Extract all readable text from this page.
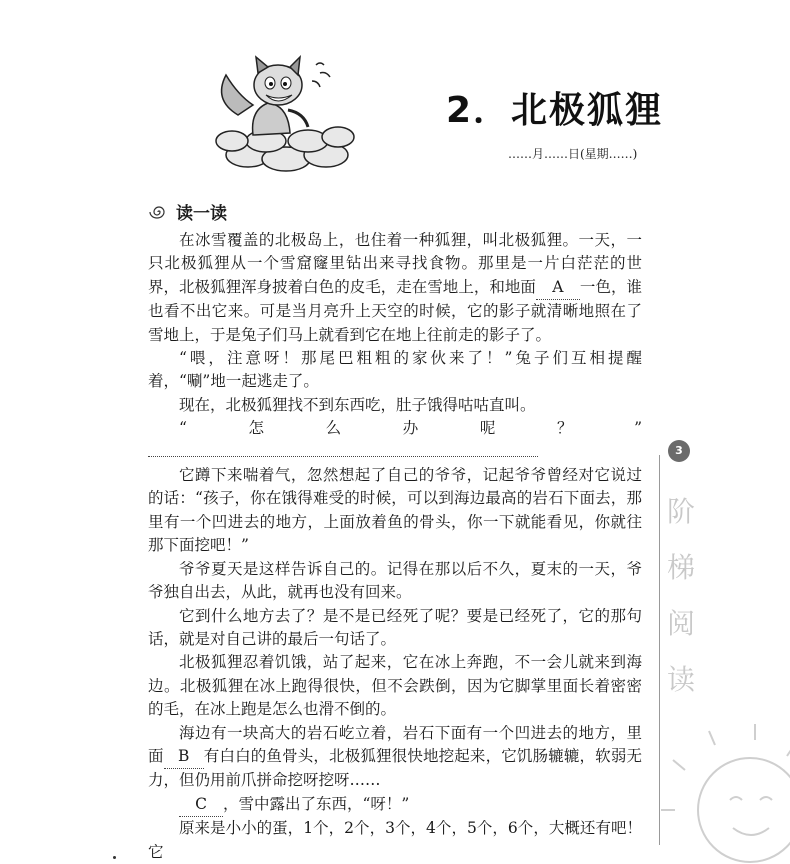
2．北极狐狸
……月……日(星期……)
读一读

在冰雪覆盖的北极岛上，也住着一种狐狸，叫北极狐狸。一天，一只北极狐狸从一个雪窟窿里钻出来寻找食物。那里是一片白茫茫的世界，北极狐狸浑身披着白色的皮毛，走在雪地上，和地面 A 一色，谁也看不出它来。可是当月亮升上天空的时候，它的影子就清晰地照在了雪地上，于是兔子们马上就看到它在地上往前走的影子了。

“喂，注意呀！那尾巴粗粗的家伙来了！”兔子们互相提醒着，“唰”地一起逃走了。

现在，北极狐狸找不到东西吃，肚子饿得咕咕直叫。

“怎么办呢？”

它蹲下来喘着气，忽然想起了自己的爷爷，记起爷爷曾经对它说过的话：“孩子，你在饿得难受的时候，可以到海边最高的岩石下面去，那里有一个凹进去的地方，上面放着鱼的骨头，你一下就能看见，你就往那下面挖吧！”

爷爷夏天是这样告诉自己的。记得在那以后不久，夏末的一天，爷爷独自出去，从此，就再也没有回来。

它到什么地方去了？是不是已经死了呢？要是已经死了，它的那句话，就是对自己讲的最后一句话了。

北极狐狸忍着饥饿，站了起来，它在冰上奔跑，不一会儿就来到海边。北极狐狸在冰上跑得很快，但不会跌倒，因为它脚掌里面长着密密的毛，在冰上跑是怎么也滑不倒的。

海边有一块高大的岩石屹立着，岩石下面有一个凹进去的地方，里面 B 有白白的鱼骨头，北极狐狸很快地挖起来，它饥肠辘辘，软弱无力，但仍用前爪拼命挖呀挖呀……

C ，雪中露出了东西，“呀！”

原来是小小的蛋，1个，2个，3个，4个，5个，6个，大概还有吧！它

3
阶
梯
阅
读
